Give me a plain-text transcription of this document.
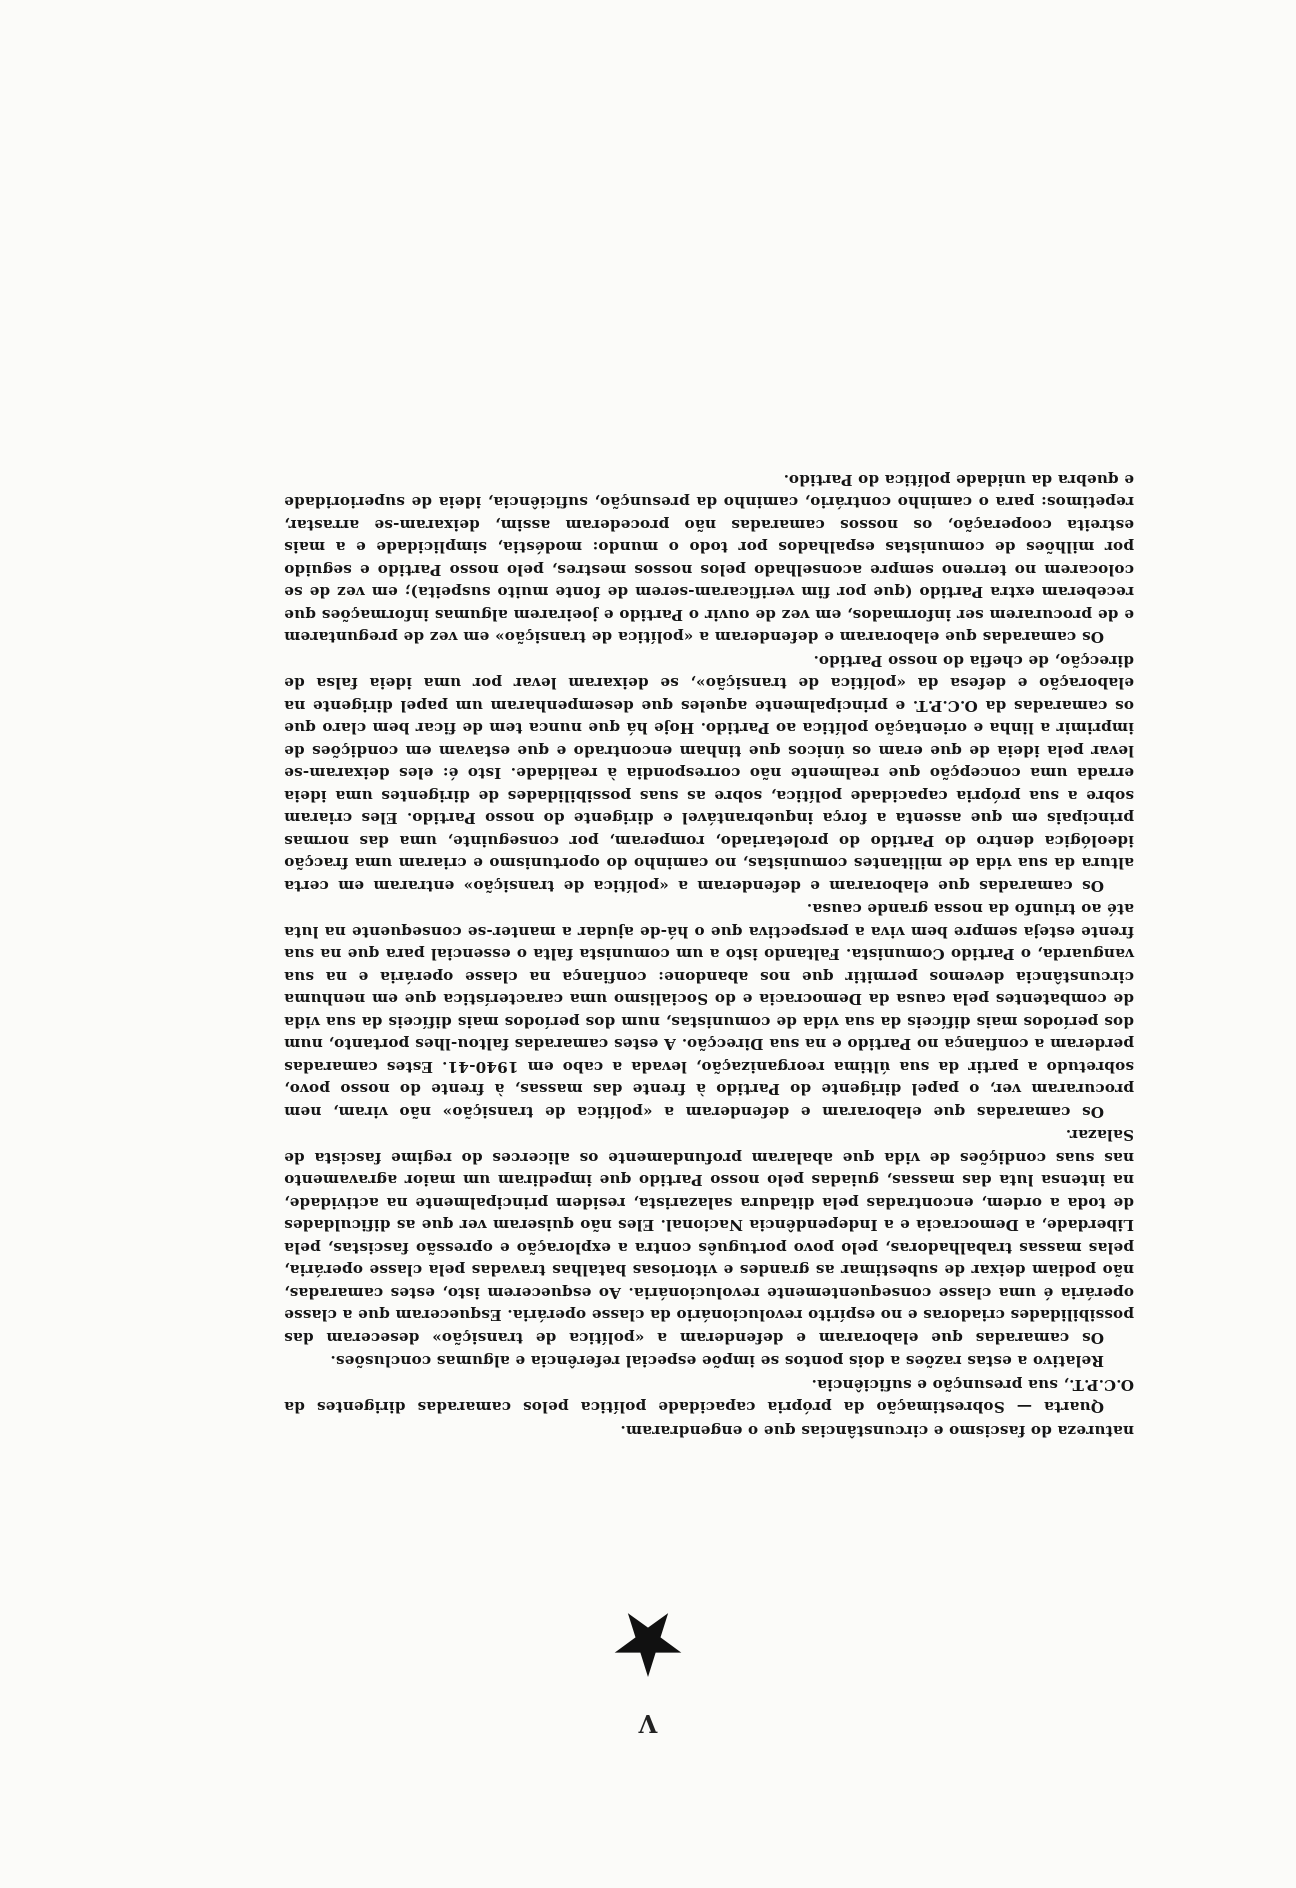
natureza do fascismo e circunstâncias que o engendraram.

Quarta — Sobrestimação da própria capacidade política pelos camaradas dirigentes da O.C.P.T., sua presunção e suficiência.

Relativo a estas razões a dois pontos se impõe especial referência e algumas conclusões.

Os camaradas que elaboraram e defenderam a «política de transição» deseceram das possibilidades criadoras e no espírito revolucionário da classe operária. Esqueceram que a classe operária é uma classe consequentemente revolucionária. Ao esquecerem isto, estes camaradas, não podiam deixar de subestimar as grandes e vitoriosas batalhas travadas pela classe operária, pelas massas trabalhadoras, pelo povo português contra a exploração e opressão fascistas, pela Liberdade, a Democracia e a Independência Nacional. Eles não quiseram ver que as dificuldades de toda a ordem, encontradas pela ditadura salazarista, residem principalmente na actividade, na intensa luta das massas, guiadas pelo nosso Partido que impediram um maior agravamento nas suas condições de vida que abalaram profundamente os alicerces do regime fascista de Salazar.

Os camaradas que elaboraram e defenderam a «política de transição» não viram, nem procuraram ver, o papel dirigente do Partido à frente das massas, à frente do nosso povo, sobretudo a partir da sua última reorganização, levada a cabo em 1940-41. Estes camaradas perderam a confiança no Partido e na sua Direcção. A estes camaradas faltou-lhes portanto, num dos períodos mais difíceis da sua vida de comunistas, num dos períodos mais difíceis da sua vida de combatentes pela causa da Democracia e do Socialismo uma característica que em nenhuma circunstância devemos permitir que nos abandone: confiança na classe operária e na sua vanguarda, o Partido Comunista. Faltando isto a um comunista falta o essencial para que na sua frente esteja sempre bem viva a perspectiva que o há-de ajudar a manter-se consequente na luta até ao triunfo da nossa grande causa.

Os camaradas que elaboraram e defenderam a «política de transição» entraram em certa altura da sua vida de militantes comunistas, no caminho do oportunismo e criaram uma fracção ideológica dentro do Partido do proletariado, romperam, por conseguinte, uma das normas principais em que assenta a força inquebrantável e dirigente do nosso Partido. Eles criaram sobre a sua própria capacidade política, sobre as suas possibilidades de dirigentes uma ideia errada uma concepção que realmente não correspondia à realidade. Isto é: eles deixaram-se levar pela ideia de que eram os únicos que tinham encontrado e que estavam em condições de imprimir a linha e orientação política ao Partido. Hoje há que nunca tem de ficar bem claro que os camaradas da O.C.P.T. e principalmente aqueles que desempenharam um papel dirigente na elaboração e defesa da «política de transição», se deixaram levar por uma ideia falsa de direcção, de chefia do nosso Partido.

Os camaradas que elaboraram e defenderam a «política de transição» em vez de preguntarem e de procurarem ser informados, em vez de ouvir o Partido e joeirarem algumas informações que receberam extra Partido (que por fim verificaram-serem de fonte muito suspeita); em vez de se colocarem no terreno sempre aconselhado pelos nossos mestres, pelo nosso Partido e seguido por milhões de comunistas espalhados por todo o mundo: modéstia, simplicidade e a mais estreita cooperação, os nossos camaradas não procederam assim, deixaram-se arrastar, repetimos: para o caminho contrário, caminho da presunção, suficiência, ideia de superioridade e quebra da unidade política do Partido.

V
